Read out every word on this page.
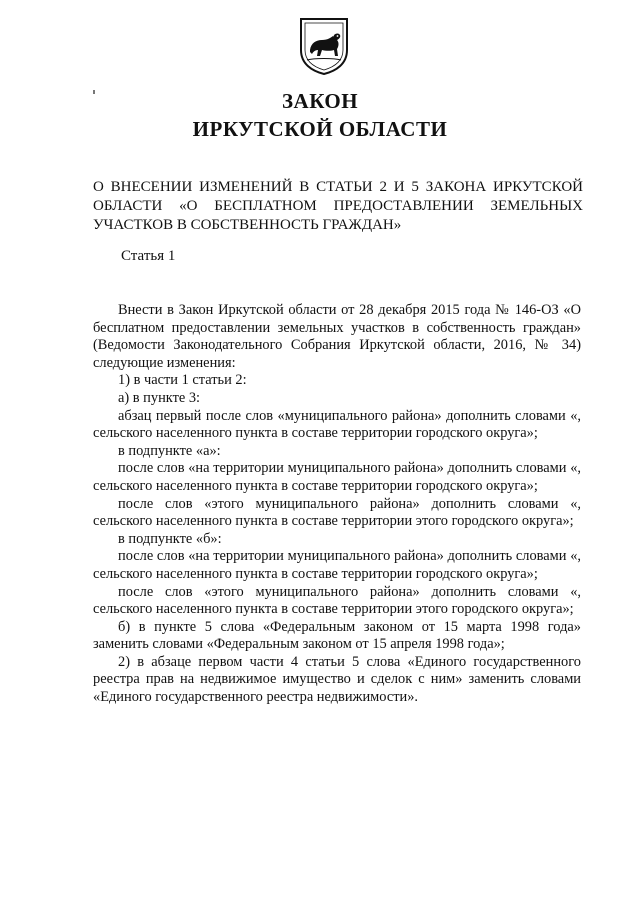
ЗАКОН
ИРКУТСКОЙ ОБЛАСТИ
О ВНЕСЕНИИ ИЗМЕНЕНИЙ В СТАТЬИ 2 И 5 ЗАКОНА ИРКУТСКОЙ ОБЛАСТИ «О БЕСПЛАТНОМ ПРЕДОСТАВЛЕНИИ ЗЕМЕЛЬНЫХ УЧАСТКОВ В СОБСТВЕННОСТЬ ГРАЖДАН»
Статья 1

Внести в Закон Иркутской области от 28 декабря 2015 года № 146-ОЗ «О бесплатном предоставлении земельных участков в собственность граждан» (Ведомости Законодательного Собрания Иркутской области, 2016, № 34) следующие изменения:

1) в части 1 статьи 2:

а) в пункте 3:

абзац первый после слов «муниципального района» дополнить словами «, сельского населенного пункта в составе территории городского округа»;

в подпункте «а»:

после слов «на территории муниципального района» дополнить словами «, сельского населенного пункта в составе территории городского округа»;

после слов «этого муниципального района» дополнить словами «, сельского населенного пункта в составе территории этого городского округа»;

в подпункте «б»:

после слов «на территории муниципального района» дополнить словами «, сельского населенного пункта в составе территории городского округа»;

после слов «этого муниципального района» дополнить словами «, сельского населенного пункта в составе территории этого городского округа»;

б) в пункте 5 слова «Федеральным законом от 15 марта 1998 года» заменить словами «Федеральным законом от 15 апреля 1998 года»;

2) в абзаце первом части 4 статьи 5 слова «Единого государственного реестра прав на недвижимое имущество и сделок с ним» заменить словами «Единого государственного реестра недвижимости».
